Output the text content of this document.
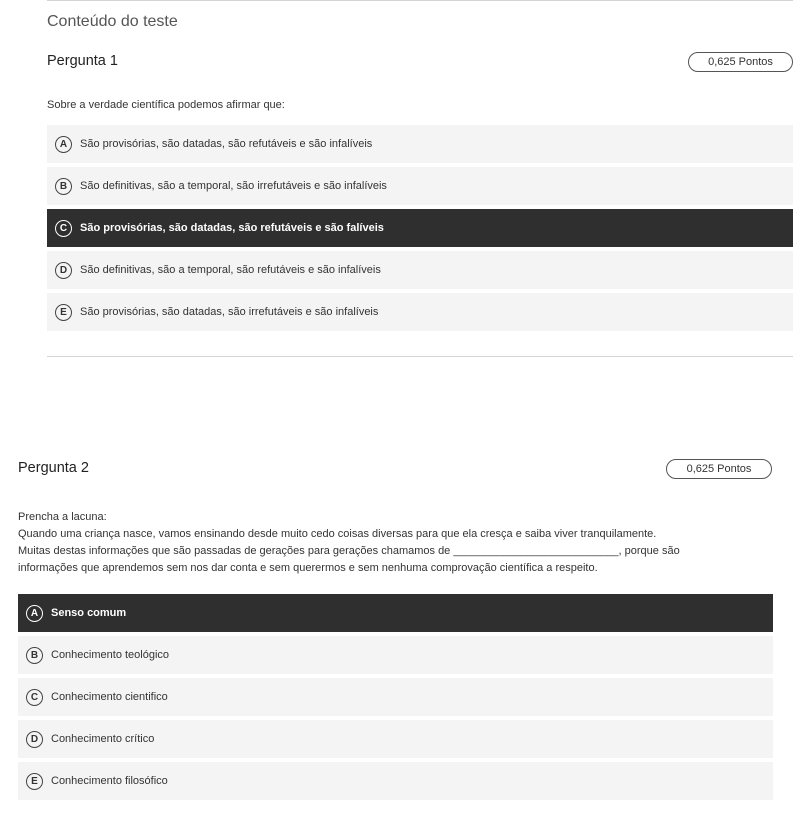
Conteúdo do teste
Pergunta 1	0,625 Pontos

Sobre a verdade científica podemos afirmar que:

A	São provisórias, são datadas, são refutáveis e são infalíveis
B	São definitivas, são a temporal, são irrefutáveis e são infalíveis
C	São provisórias, são datadas, são refutáveis e são falíveis
D	São definitivas, são a temporal, são refutáveis e são infalíveis
E	São provisórias, são datadas, são irrefutáveis e são infalíveis
Pergunta 2	0,625 Pontos

Prencha a lacuna:

Quando uma criança nasce, vamos ensinando desde muito cedo coisas diversas para que ela cresça e saiba viver tranquilamente.

Muitas destas informações que são passadas de gerações para gerações chamamos de ___________________________, porque são

informações que aprendemos sem nos dar conta e sem querermos e sem nenhuma comprovação científica a respeito.

A	Senso comum
B	Conhecimento teológico
C	Conhecimento cientifico
D	Conhecimento crítico
E	Conhecimento filosófico
